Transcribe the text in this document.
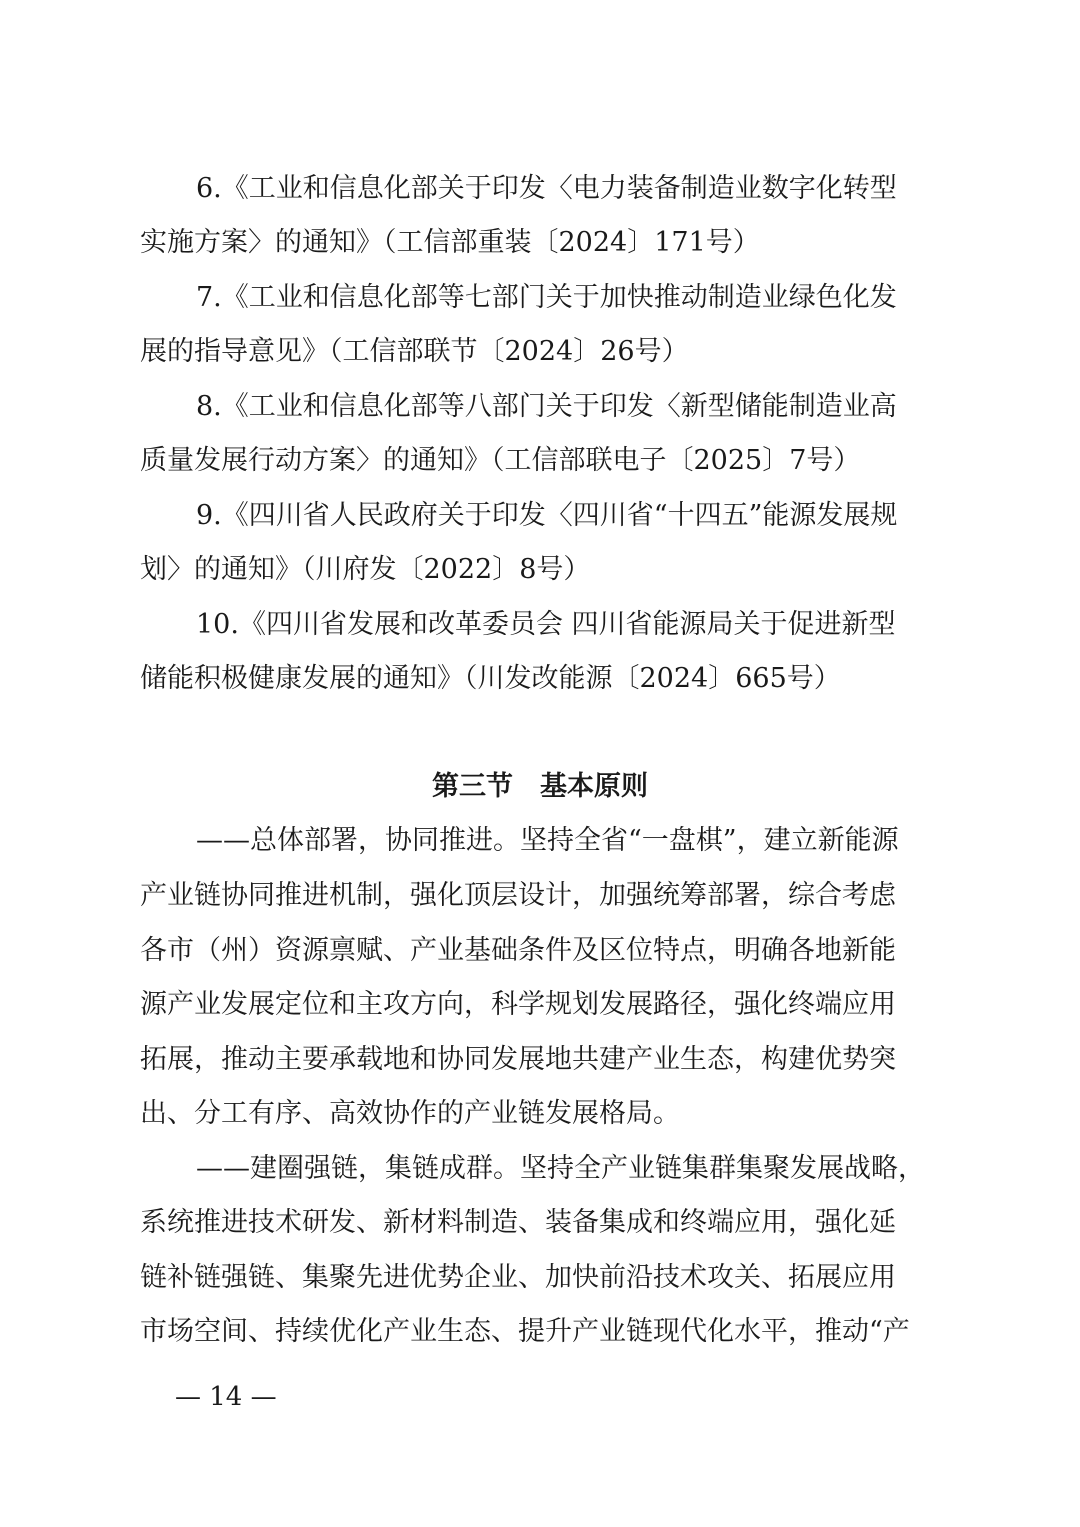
6.《工业和信息化部关于印发〈电力装备制造业数字化转型
实施方案〉的通知》（工信部重装〔2024〕171号）
7.《工业和信息化部等七部门关于加快推动制造业绿色化发
展的指导意见》（工信部联节〔2024〕26号）
8.《工业和信息化部等八部门关于印发〈新型储能制造业高
质量发展行动方案〉的通知》（工信部联电子〔2025〕7号）
9.《四川省人民政府关于印发〈四川省“十四五”能源发展规
划〉的通知》（川府发〔2022〕8号）
10.《四川省发展和改革委员会 四川省能源局关于促进新型
储能积极健康发展的通知》（川发改能源〔2024〕665号）
第三节　基本原则
——总体部署，协同推进。坚持全省“一盘棋”，建立新能源
产业链协同推进机制，强化顶层设计，加强统筹部署，综合考虑
各市（州）资源禀赋、产业基础条件及区位特点，明确各地新能
源产业发展定位和主攻方向，科学规划发展路径，强化终端应用
拓展，推动主要承载地和协同发展地共建产业生态，构建优势突
出、分工有序、高效协作的产业链发展格局。
——建圈强链，集链成群。坚持全产业链集群集聚发展战略，
系统推进技术研发、新材料制造、装备集成和终端应用，强化延
链补链强链、集聚先进优势企业、加快前沿技术攻关、拓展应用
市场空间、持续优化产业生态、提升产业链现代化水平，推动“产
— 14 —
